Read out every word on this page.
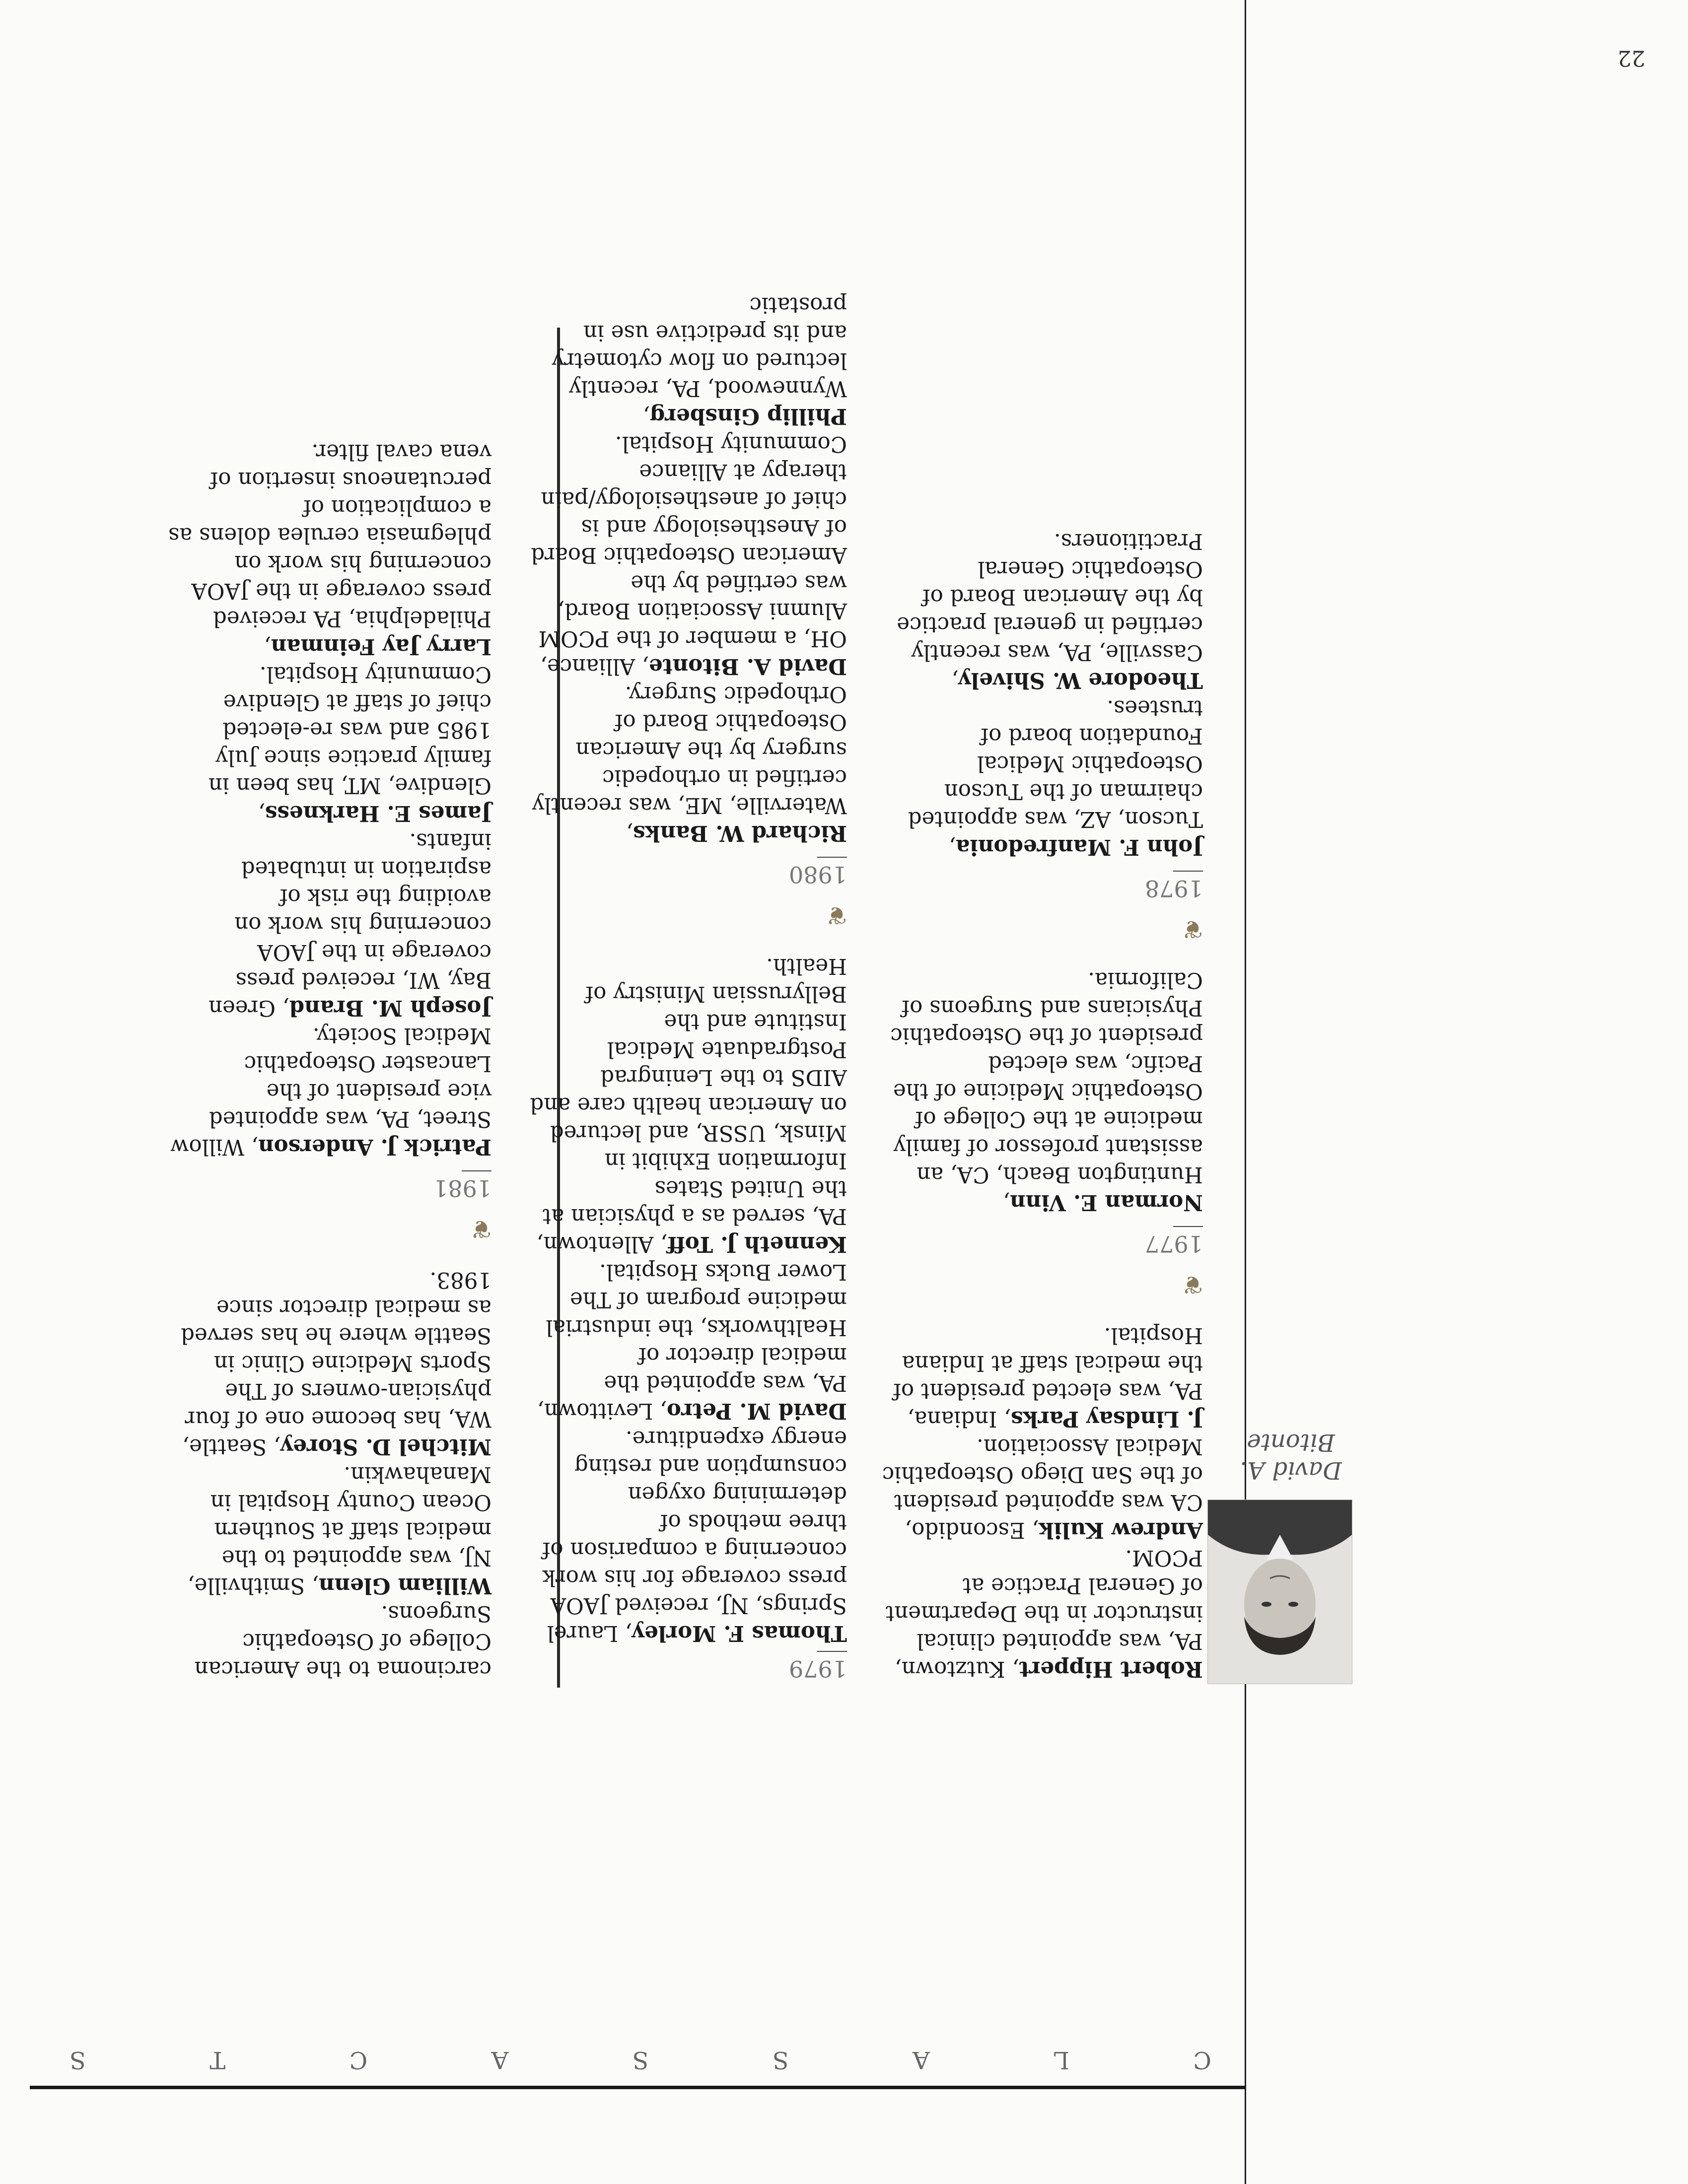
C
L
A
S
S
A
C
T
S
22
David A. Bitonte

Robert Hippert, Kutztown, PA, was appointed clinical instructor in the Department of General Practice at PCOM.

Andrew Kulik, Escondido, CA was appointed president of the San Diego Osteopathic Medical Association.

J. Lindsay Parks, Indiana, PA, was elected president of the medical staff at Indiana Hospital.

❦
1977

Norman E. Vinn, Huntington Beach, CA, an assistant professor of family medicine at the College of Osteopathic Medicine of the Pacific, was elected president of the Osteopathic Physicians and Surgeons of California.

❦
1978

John F. Manfredonia, Tucson, AZ, was appointed chairman of the Tucson Osteopathic Medical Foundation board of trustees.

Theodore W. Shively, Cassville, PA, was recently certified in general practice by the American Board of Osteopathic General Practitioners.

1979

Thomas F. Morley, Laurel Springs, NJ, received JAOA press coverage for his work concerning a comparison of three methods of determining oxygen consumption and resting energy expenditure.

David M. Petro, Levittown, PA, was appointed the medical director of Healthworks, the industrial medicine program of The Lower Bucks Hospital.

Kenneth J. Toff, Allentown, PA, served as a physician at the United States Information Exhibit in Minsk, USSR, and lectured on American health care and AIDS to the Leningrad Postgraduate Medical Institute and the Bellyrussian Ministry of Health.

❦
1980

Richard W. Banks, Waterville, ME, was recently certified in orthopedic surgery by the American Osteopathic Board of Orthopedic Surgery.

David A. Bitonte, Alliance, OH, a member of the PCOM Alumni Association Board, was certified by the American Osteopathic Board of Anesthesiology and is chief of anesthesiology/pain therapy at Alliance Community Hospital.

Phillip Ginsberg, Wynnewood, PA, recently lectured on flow cytometry and its predictive use in prostatic

carcinoma to the American College of Osteopathic Surgeons.

William Glenn, Smithville, NJ, was appointed to the medical staff at Southern Ocean County Hospital in Manahawkin.

Mitchel D. Storey, Seattle, WA, has become one of four physician-owners of The Sports Medicine Clinic in Seattle where he has served as medical director since 1983.

❦
1981

Patrick J. Anderson, Willow Street, PA, was appointed vice president of the Lancaster Osteopathic Medical Society.

Joseph M. Brand, Green Bay, WI, received press coverage in the JAOA concerning his work on avoiding the risk of aspiration in intubated infants.

James E. Harkness, Glendive, MT, has been in family practice since July 1985 and was re-elected chief of staff at Glendive Community Hospital.

Larry Jay Feinman, Philadelphia, PA received press coverage in the JAOA concerning his work on phlegmasia cerulea dolens as a complication of percutaneous insertion of vena caval filter.
